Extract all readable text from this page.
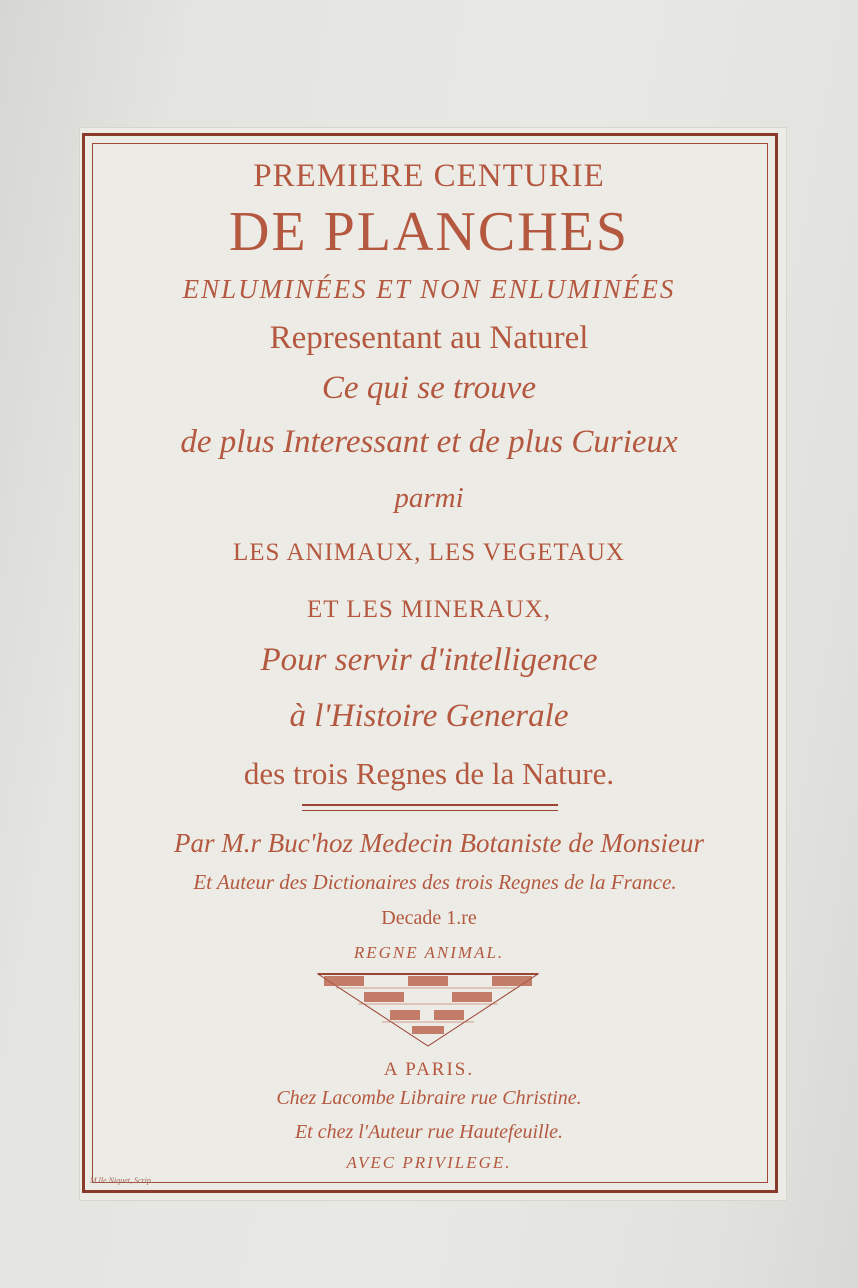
PREMIERE CENTURIE
DE PLANCHES
ENLUMINÉES ET NON ENLUMINÉES
Representant au Naturel
Ce qui se trouve
de plus Interessant et de plus Curieux
parmi
LES ANIMAUX, LES VEGETAUX
ET LES MINERAUX,
Pour servir d'intelligence
à l'Histoire Generale
des trois Regnes de la Nature.
Par M.r Buc'hoz Medecin Botaniste de Monsieur
Et Auteur des Dictionaires des trois Regnes de la France.
Decade 1.re
REGNE ANIMAL.
A PARIS.
Chez Lacombe Libraire rue Christine.
Et chez l'Auteur rue Hautefeuille.
AVEC PRIVILEGE.
M.lle Niquet, Scrip.
